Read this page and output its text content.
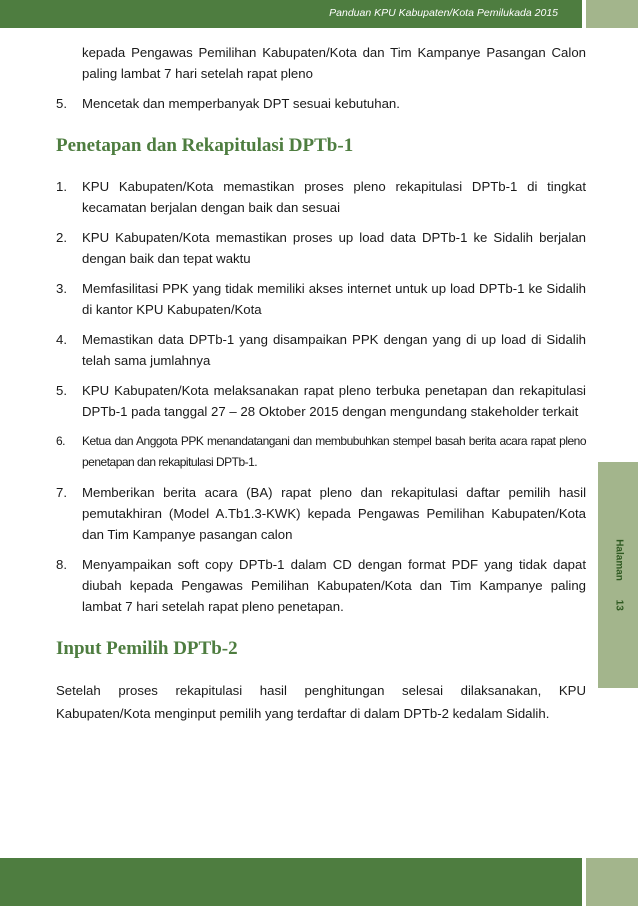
Panduan KPU Kabupaten/Kota Pemilukada 2015
Halaman 13
kepada Pengawas Pemilihan Kabupaten/Kota dan Tim Kampanye Pasangan Calon paling lambat 7 hari setelah rapat pleno
5.	Mencetak dan memperbanyak DPT sesuai kebutuhan.
Penetapan dan Rekapitulasi DPTb-1
1.	KPU Kabupaten/Kota memastikan proses pleno rekapitulasi DPTb-1 di tingkat kecamatan berjalan dengan baik dan sesuai
2.	KPU Kabupaten/Kota memastikan proses up load data DPTb-1 ke Sidalih berjalan dengan baik dan tepat waktu
3.	Memfasilitasi PPK yang tidak memiliki akses internet untuk up load DPTb-1 ke Sidalih di kantor KPU Kabupaten/Kota
4.	Memastikan data DPTb-1 yang disampaikan PPK dengan yang di up load di Sidalih telah sama jumlahnya
5.	KPU Kabupaten/Kota melaksanakan rapat pleno terbuka penetapan dan rekapitulasi DPTb-1 pada tanggal 27 – 28 Oktober 2015 dengan mengundang stakeholder terkait
6.	Ketua dan Anggota PPK menandatangani dan membubuhkan stempel basah berita acara rapat pleno penetapan dan rekapitulasi DPTb-1.
7.	Memberikan berita acara (BA) rapat pleno dan rekapitulasi daftar pemilih hasil pemutakhiran (Model A.Tb1.3-KWK) kepada Pengawas Pemilihan Kabupaten/Kota dan Tim Kampanye pasangan calon
8.	Menyampaikan soft copy DPTb-1 dalam CD dengan format PDF yang tidak dapat diubah kepada Pengawas Pemilihan Kabupaten/Kota dan Tim Kampanye paling lambat 7 hari setelah rapat pleno penetapan.
Input Pemilih DPTb-2
Setelah proses rekapitulasi hasil penghitungan selesai dilaksanakan, KPU Kabupaten/Kota menginput pemilih yang terdaftar di dalam DPTb-2 kedalam Sidalih.
